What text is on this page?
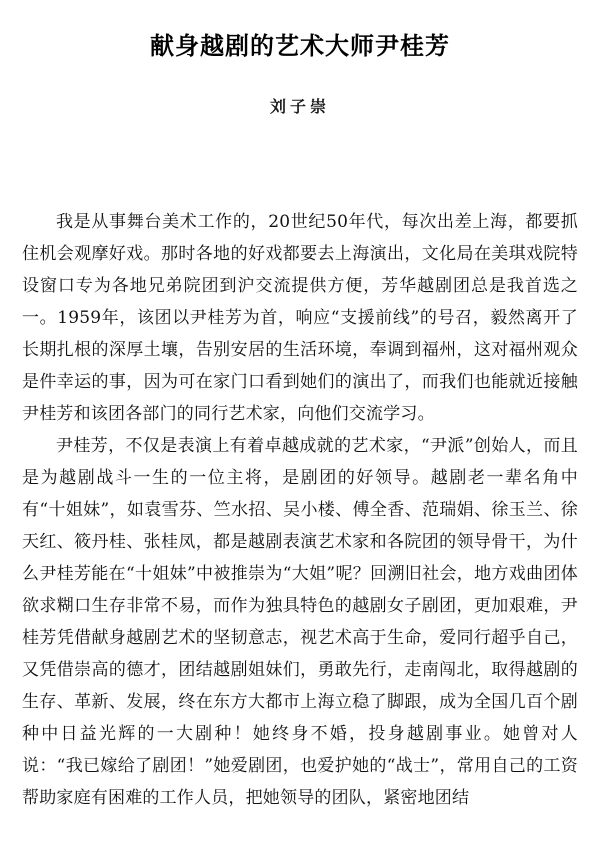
献身越剧的艺术大师尹桂芳
刘子崇

我是从事舞台美术工作的，20世纪50年代，每次出差上海，都要抓住机会观摩好戏。那时各地的好戏都要去上海演出，文化局在美琪戏院特设窗口专为各地兄弟院团到沪交流提供方便，芳华越剧团总是我首选之一。1959年，该团以尹桂芳为首，响应“支援前线”的号召，毅然离开了长期扎根的深厚土壤，告别安居的生活环境，奉调到福州，这对福州观众是件幸运的事，因为可在家门口看到她们的演出了，而我们也能就近接触尹桂芳和该团各部门的同行艺术家，向他们交流学习。

尹桂芳，不仅是表演上有着卓越成就的艺术家，“尹派”创始人，而且是为越剧战斗一生的一位主将，是剧团的好领导。越剧老一辈名角中有“十姐妹”，如袁雪芬、竺水招、吴小楼、傅全香、范瑞娟、徐玉兰、徐天红、筱丹桂、张桂凤，都是越剧表演艺术家和各院团的领导骨干，为什么尹桂芳能在“十姐妹”中被推崇为“大姐”呢？回溯旧社会，地方戏曲团体欲求糊口生存非常不易，而作为独具特色的越剧女子剧团，更加艰难，尹桂芳凭借献身越剧艺术的坚韧意志，视艺术高于生命，爱同行超乎自己，又凭借崇高的德才，团结越剧姐妹们，勇敢先行，走南闯北，取得越剧的生存、革新、发展，终在东方大都市上海立稳了脚跟，成为全国几百个剧种中日益光辉的一大剧种！她终身不婚，投身越剧事业。她曾对人说：“我已嫁给了剧团！”她爱剧团，也爱护她的“战士”，常用自己的工资帮助家庭有困难的工作人员，把她领导的团队，紧密地团结
